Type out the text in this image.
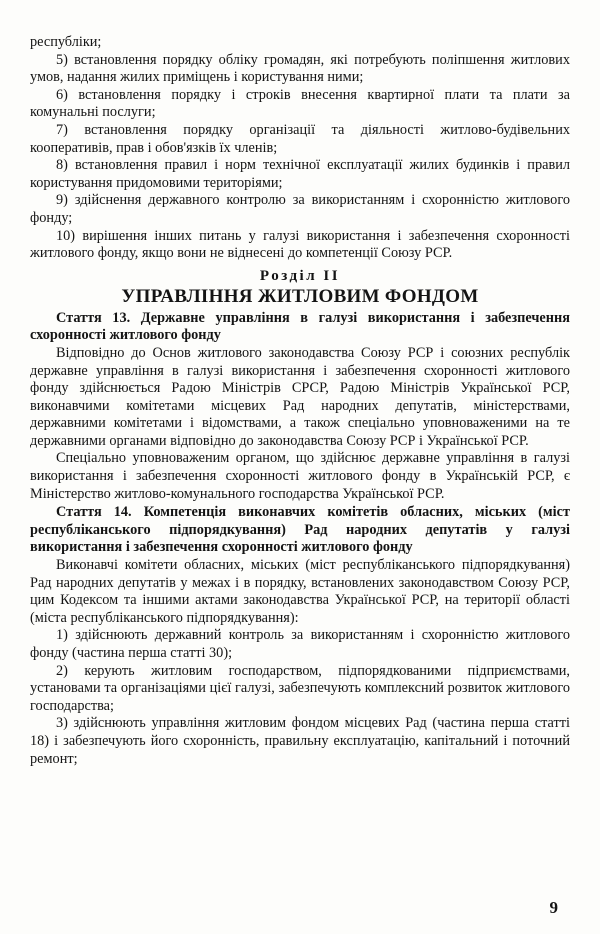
республіки;

5) встановлення порядку обліку громадян, які потребують поліпшення житлових умов, надання жилих приміщень і користування ними;

6) встановлення порядку і строків внесення квартирної плати та плати за комунальні послуги;

7) встановлення порядку організації та діяльності житлово-будівельних кооперативів, прав і обов'язків їх членів;

8) встановлення правил і норм технічної експлуатації жилих будинків і правил користування придомовими територіями;

9) здійснення державного контролю за використанням і схоронністю житлового фонду;

10) вирішення інших питань у галузі використання і забезпечення схоронності житлового фонду, якщо вони не віднесені до компетенції Союзу РСР.

Розділ II
УПРАВЛІННЯ ЖИТЛОВИМ ФОНДОМ

Стаття 13. Державне управління в галузі використання і забезпечення схоронності житлового фонду

Відповідно до Основ житлового законодавства Союзу РСР і союзних республік державне управління в галузі використання і забезпечення схоронності житлового фонду здійснюється Радою Міністрів СРСР, Радою Міністрів Української РСР, виконавчими комітетами місцевих Рад народних депутатів, міністерствами, державними комітетами і відомствами, а також спеціально уповноваженими на те державними органами відповідно до законодавства Союзу РСР і Української РСР.

Спеціально уповноваженим органом, що здійснює державне управління в галузі використання і забезпечення схоронності житлового фонду в Українській РСР, є Міністерство житлово-комунального господарства Української РСР.

Стаття 14. Компетенція виконавчих комітетів обласних, міських (міст республіканського підпорядкування) Рад народних депутатів у галузі використання і забезпечення схоронності житлового фонду

Виконавчі комітети обласних, міських (міст республіканського підпорядкування) Рад народних депутатів у межах і в порядку, встановлених законодавством Союзу РСР, цим Кодексом та іншими актами законодавства Української РСР, на території області (міста республіканського підпорядкування):

1) здійснюють державний контроль за використанням і схоронністю житлового фонду (частина перша статті 30);

2) керують житловим господарством, підпорядкованими підприємствами, установами та організаціями цієї галузі, забезпечують комплексний розвиток житлового господарства;

3) здійснюють управління житловим фондом місцевих Рад (частина перша статті 18) і забезпечують його схоронність, правильну експлуатацію, капітальний і поточний ремонт;

9
